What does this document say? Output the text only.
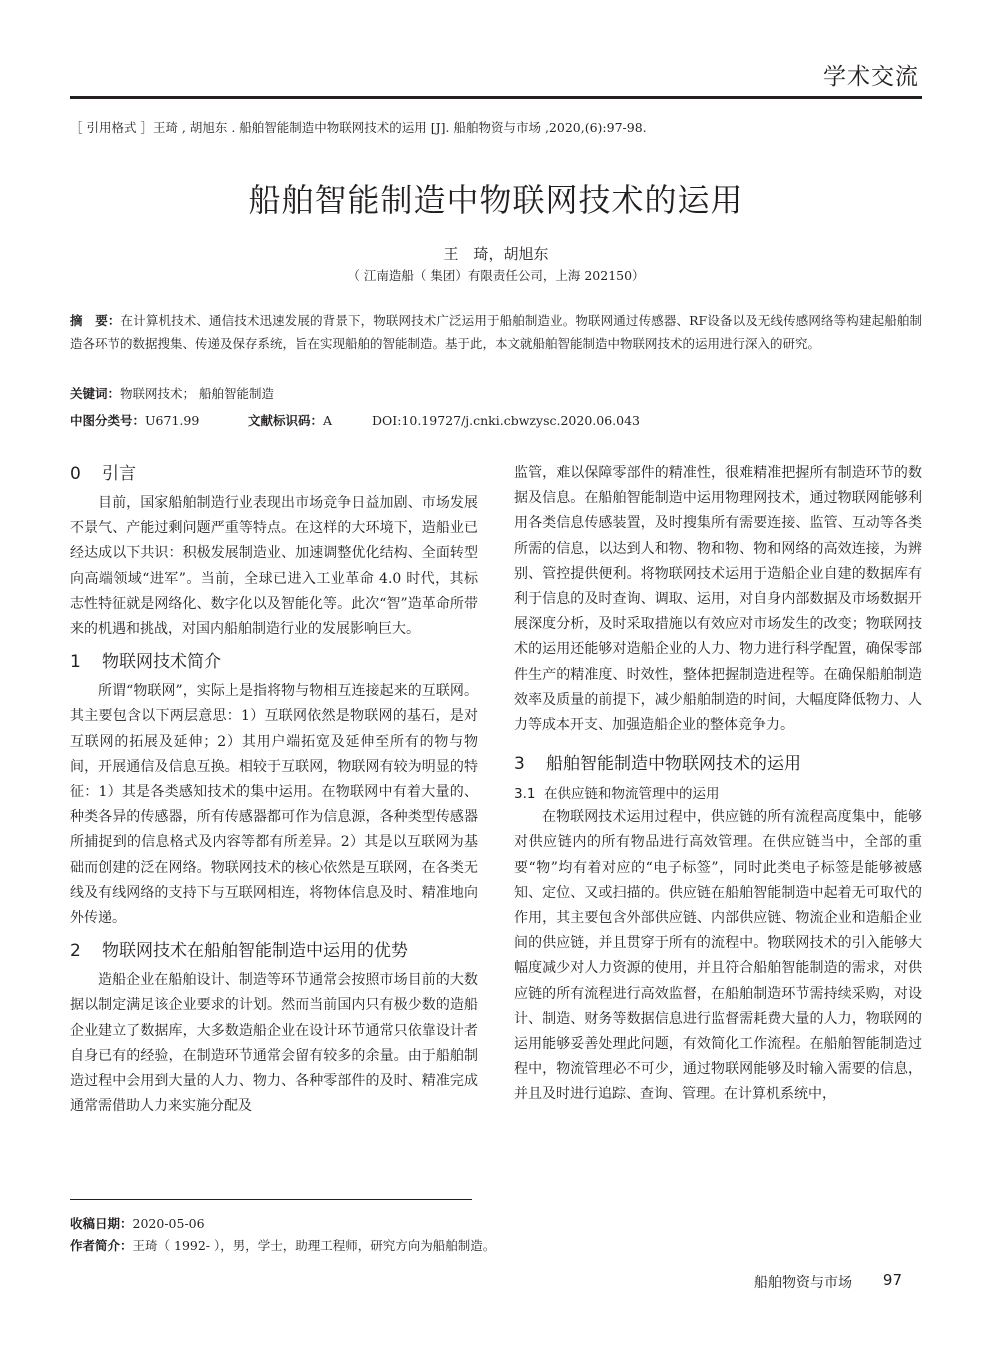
学术交流
［ 引用格式 ］王琦 , 胡旭东 . 船舶智能制造中物联网技术的运用 [J]. 船舶物资与市场 ,2020,(6):97-98.
船舶智能制造中物联网技术的运用
王　琦，胡旭东
（ 江南造船（ 集团）有限责任公司，上海 202150）
摘　要：在计算机技术、通信技术迅速发展的背景下，物联网技术广泛运用于船舶制造业。物联网通过传感器、RF设备以及无线传感网络等构建起船舶制造各环节的数据搜集、传递及保存系统，旨在实现船舶的智能制造。基于此，本文就船舶智能制造中物联网技术的运用进行深入的研究。
关键词：物联网技术； 船舶智能制造
中图分类号：U671.99	文献标识码：A	DOI:10.19727/j.cnki.cbwzysc.2020.06.043
0 引言

目前，国家船舶制造行业表现出市场竞争日益加剧、市场发展不景气、产能过剩问题严重等特点。在这样的大环境下，造船业已经达成以下共识：积极发展制造业、加速调整优化结构、全面转型向高端领域“进军”。当前，全球已进入工业革命 4.0 时代，其标志性特征就是网络化、数字化以及智能化等。此次“智”造革命所带来的机遇和挑战，对国内船舶制造行业的发展影响巨大。

1 物联网技术简介

所谓“物联网”，实际上是指将物与物相互连接起来的互联网。其主要包含以下两层意思：1）互联网依然是物联网的基石，是对互联网的拓展及延伸；2）其用户端拓宽及延伸至所有的物与物间，开展通信及信息互换。相较于互联网，物联网有较为明显的特征：1）其是各类感知技术的集中运用。在物联网中有着大量的、种类各异的传感器，所有传感器都可作为信息源，各种类型传感器所捕捉到的信息格式及内容等都有所差异。2）其是以互联网为基础而创建的泛在网络。物联网技术的核心依然是互联网，在各类无线及有线网络的支持下与互联网相连，将物体信息及时、精准地向外传递。

2 物联网技术在船舶智能制造中运用的优势

造船企业在船舶设计、制造等环节通常会按照市场目前的大数据以制定满足该企业要求的计划。然而当前国内只有极少数的造船企业建立了数据库，大多数造船企业在设计环节通常只依靠设计者自身已有的经验，在制造环节通常会留有较多的余量。由于船舶制造过程中会用到大量的人力、物力、各种零部件的及时、精准完成通常需借助人力来实施分配及

监管，难以保障零部件的精准性，很难精准把握所有制造环节的数据及信息。在船舶智能制造中运用物理网技术，通过物联网能够利用各类信息传感装置，及时搜集所有需要连接、监管、互动等各类所需的信息，以达到人和物、物和物、物和网络的高效连接，为辨别、管控提供便利。将物联网技术运用于造船企业自建的数据库有利于信息的及时查询、调取、运用，对自身内部数据及市场数据开展深度分析，及时采取措施以有效应对市场发生的改变；物联网技术的运用还能够对造船企业的人力、物力进行科学配置，确保零部件生产的精准度、时效性，整体把握制造进程等。在确保船舶制造效率及质量的前提下，减少船舶制造的时间，大幅度降低物力、人力等成本开支、加强造船企业的整体竞争力。

3 船舶智能制造中物联网技术的运用
3.1 在供应链和物流管理中的运用

在物联网技术运用过程中，供应链的所有流程高度集中，能够对供应链内的所有物品进行高效管理。在供应链当中，全部的重要“物”均有着对应的“电子标签”，同时此类电子标签是能够被感知、定位、又或扫描的。供应链在船舶智能制造中起着无可取代的作用，其主要包含外部供应链、内部供应链、物流企业和造船企业间的供应链，并且贯穿于所有的流程中。物联网技术的引入能够大幅度减少对人力资源的使用，并且符合船舶智能制造的需求，对供应链的所有流程进行高效监督，在船舶制造环节需持续采购，对设计、制造、财务等数据信息进行监督需耗费大量的人力，物联网的运用能够妥善处理此问题，有效简化工作流程。在船舶智能制造过程中，物流管理必不可少，通过物联网能够及时输入需要的信息，并且及时进行追踪、查询、管理。在计算机系统中，

收稿日期：2020-05-06
作者简介：王琦（ 1992- ），男，学士，助理工程师，研究方向为船舶制造。
船舶物资与市场 97
